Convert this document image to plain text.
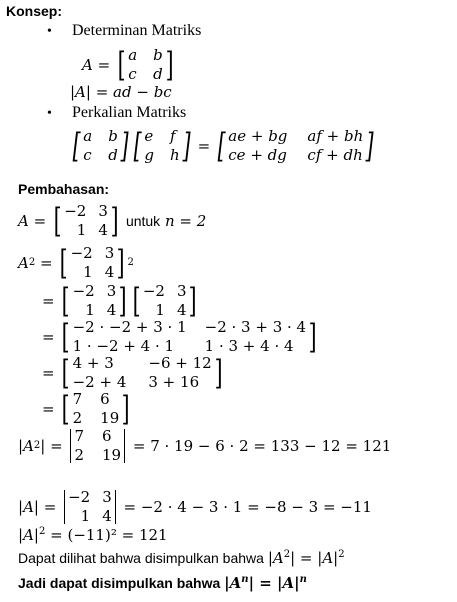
Konsep:
• Determinan Matriks
A = [ a b
c d ]
|A| = ad − bc
• Perkalian Matriks
[ a b
c d ] [ e f
g h ] = [ ae + bg af + bh
ce + dg cf + dh ]
Pembahasan:
A = [ −2 3
1 4 ]
untuk
n = 2
A 2 = [ −2 3
1 4 ] 2
= [ −2 3
1 4 ] [ −2 3
1 4 ]
= [ −2 · −2 + 3 · 1 −2 · 3 + 3 · 4
1 · −2 + 4 · 1	1 · 3 + 4 · 4 ]
= [ 4 + 3	−6 + 12
−2 + 4 3 + 16 ]
= [ 7 6
2 19 ]
| A 2 | =
7 6
2 19
= 7 · 19 − 6 · 2 = 133 − 12 = 121
| A | =
−2 3
1 4
= −2 · 4 − 3 · 1 = −8 − 3 = −11
$|A|^2 = (-11)^2 = 121$
Dapat dilihat bahwa disimpulkan bahwa $|A^2| = |A|^2$
Jadi dapat disimpulkan bahwa $|A^n| = |A|^n$
